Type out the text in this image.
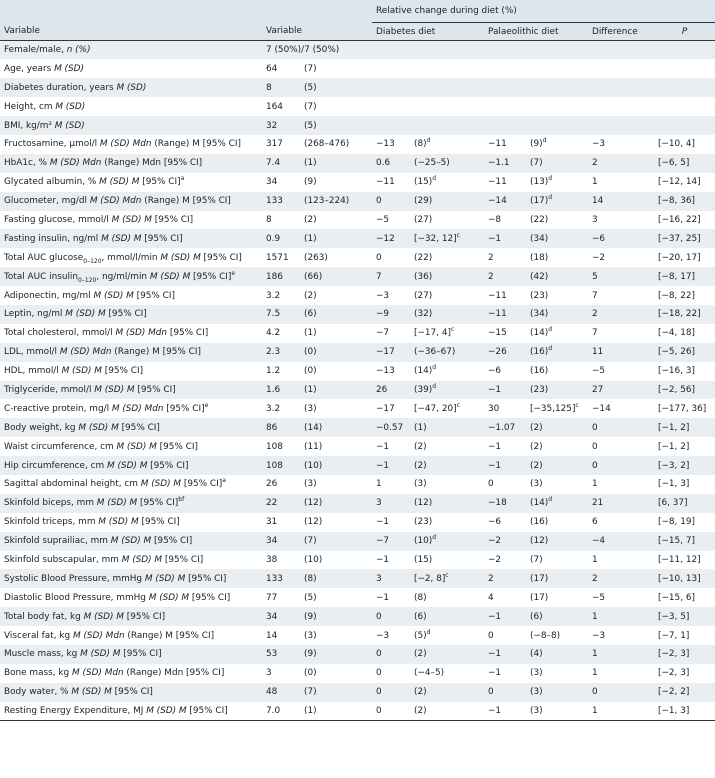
			Relative change during diet (%)						
Variable	Variable		Diabetes diet		Palaeolithic diet		Difference	P	
Female/male, n (%)	7 (50%)/7 (50%)								
Age, years M (SD)	64	(7)							
Diabetes duration, years M (SD)	8	(5)							
Height, cm M (SD)	164	(7)							
BMI, kg/m² M (SD)	32	(5)							
Fructosamine, μmol/l M (SD) Mdn (Range) M [95% CI]	317	(268–476)	−13	$(8)^d$	−11	$(9)^d$	−3	[−10, 4]	
HbA1c, % M (SD) Mdn (Range) Mdn [95% CI]	7.4	(1)	0.6	(−25–5)	−1.1	(7)	2	[−6, 5]	
Glycated albumin, % M (SD) M [95% CI]$^a$	34	(9)	−11	$(15)^d$	−11	$(13)^d$	1	[−12, 14]	
Glucometer, mg/dl M (SD) Mdn (Range) M [95% CI]	133	(123–224)	0	(29)	−14	$(17)^d$	14	[−8, 36]	
Fasting glucose, mmol/l M (SD) M [95% CI]	8	(2)	−5	(27)	−8	(22)	3	[−16, 22]	
Fasting insulin, ng/ml M (SD) M [95% CI]	0.9	(1)	−12	[−32, 12]$^c$	−1	(34)	−6	[−37, 25]	
Total AUC glucose$_{0-120}$, mmol/l/min M (SD) M [95% CI]	1571	(263)	0	(22)	2	(18)	−2	[−20, 17]	
Total AUC insulin$_{0-120}$, ng/ml/min M (SD) M [95% CI]$^e$	186	(66)	7	(36)	2	(42)	5	[−8, 17]	
Adiponectin, mg/ml M (SD) M [95% CI]	3.2	(2)	−3	(27)	−11	(23)	7	[−8, 22]	
Leptin, ng/ml M (SD) M [95% CI]	7.5	(6)	−9	(32)	−11	(34)	2	[−18, 22]	
Total cholesterol, mmol/l M (SD) Mdn [95% CI]	4.2	(1)	−7	[−17, 4]$^c$	−15	$(14)^d$	7	[−4, 18]	
LDL, mmol/l M (SD) Mdn (Range) M [95% CI]	2.3	(0)	−17	(−36–67)	−26	$(16)^d$	11	[−5, 26]	
HDL, mmol/l M (SD) M [95% CI]	1.2	(0)	−13	$(14)^d$	−6	(16)	−5	[−16, 3]	
Triglyceride, mmol/l M (SD) M [95% CI]	1.6	(1)	26	$(39)^d$	−1	(23)	27	[−2, 56]	
C-reactive protein, mg/l M (SD) Mdn [95% CI]$^e$	3.2	(3)	−17	[−47, 20]$^c$	30	$[-35,125]^c$	−14	[−177, 36]	
Body weight, kg M (SD) M [95% CI]	86	(14)	−0.57	(1)	−1.07	(2)	0	[−1, 2]	
Waist circumference, cm M (SD) M [95% CI]	108	(11)	−1	(2)	−1	(2)	0	[−1, 2]	
Hip circumference, cm M (SD) M [95% CI]	108	(10)	−1	(2)	−1	(2)	0	[−3, 2]	
Sagittal abdominal height, cm M (SD) M [95% CI]$^a$	26	(3)	1	(3)	0	(3)	1	[−1, 3]	
Skinfold biceps, mm M (SD) M [95% CI]$^{bf}$	22	(12)	3	(12)	−18	$(14)^d$	21	[6, 37]	
Skinfold triceps, mm M (SD) M [95% CI]	31	(12)	−1	(23)	−6	(16)	6	[−8, 19]	
Skinfold suprailiac, mm M (SD) M [95% CI]	34	(7)	−7	$(10)^d$	−2	(12)	−4	[−15, 7]	
Skinfold subscapular, mm M (SD) M [95% CI]	38	(10)	−1	(15)	−2	(7)	1	[−11, 12]	
Systolic Blood Pressure, mmHg M (SD) M [95% CI]	133	(8)	3	[−2, 8]$^c$	2	(17)	2	[−10, 13]	
Diastolic Blood Pressure, mmHg M (SD) M [95% CI]	77	(5)	−1	(8)	4	(17)	−5	[−15, 6]	
Total body fat, kg M (SD) M [95% CI]	34	(9)	0	(6)	−1	(6)	1	[−3, 5]	
Visceral fat, kg M (SD) Mdn (Range) M [95% CI]	14	(3)	−3	$(5)^d$	0	(−8–8)	−3	[−7, 1]	
Muscle mass, kg M (SD) M [95% CI]	53	(9)	0	(2)	−1	(4)	1	[−2, 3]	
Bone mass, kg M (SD) Mdn (Range) Mdn [95% CI]	3	(0)	0	(−4–5)	−1	(3)	1	[−2, 3]	
Body water, % M (SD) M [95% CI]	48	(7)	0	(2)	0	(3)	0	[−2, 2]	
Resting Energy Expenditure, MJ M (SD) M [95% CI]	7.0	(1)	0	(2)	−1	(3)	1	[−1, 3]	
